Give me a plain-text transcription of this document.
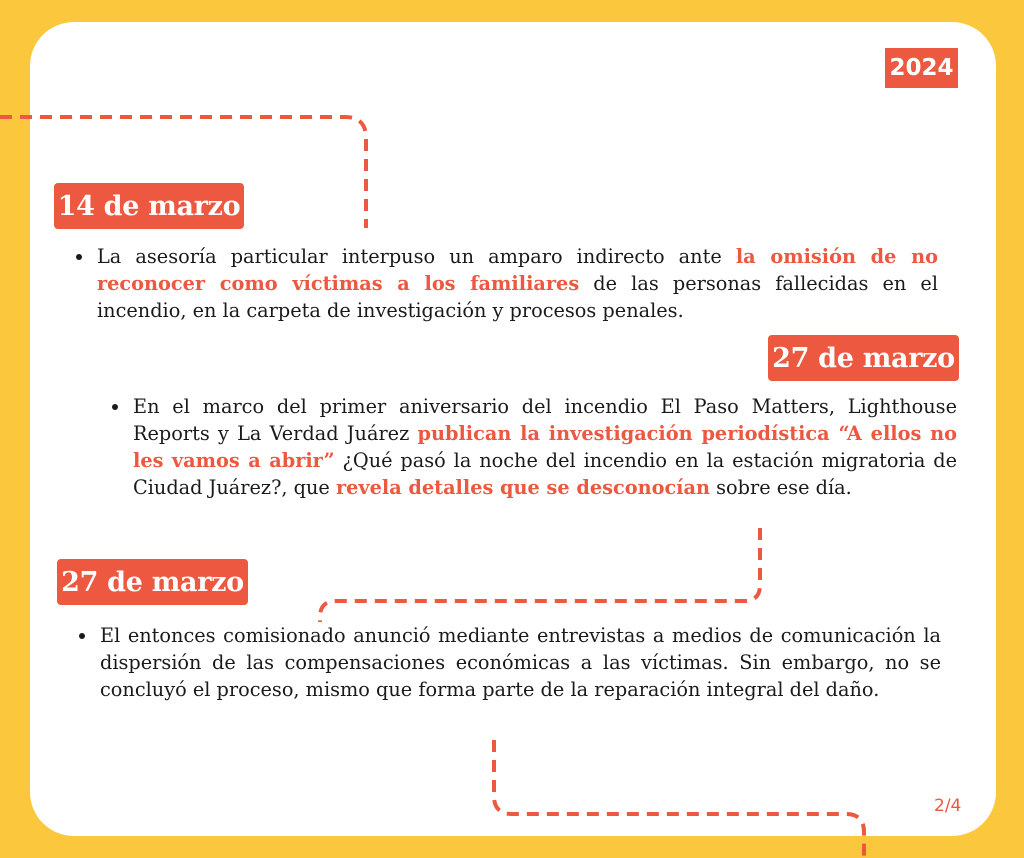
2024
14 de marzo
La asesoría particular interpuso un amparo indirecto ante la omisión de no reconocer como víctimas a los familiares de las personas fallecidas en el incendio, en la carpeta de investigación y procesos penales.
27 de marzo
En el marco del primer aniversario del incendio El Paso Matters, Lighthouse Reports y La Verdad Juárez publican la investigación periodística “A ellos no les vamos a abrir” ¿Qué pasó la noche del incendio en la estación migratoria de Ciudad Juárez?, que revela detalles que se desconocían sobre ese día.
27 de marzo
El entonces comisionado anunció mediante entrevistas a medios de comunicación la dispersión de las compensaciones económicas a las víctimas. Sin embargo, no se concluyó el proceso, mismo que forma parte de la reparación integral del daño.
2/4
